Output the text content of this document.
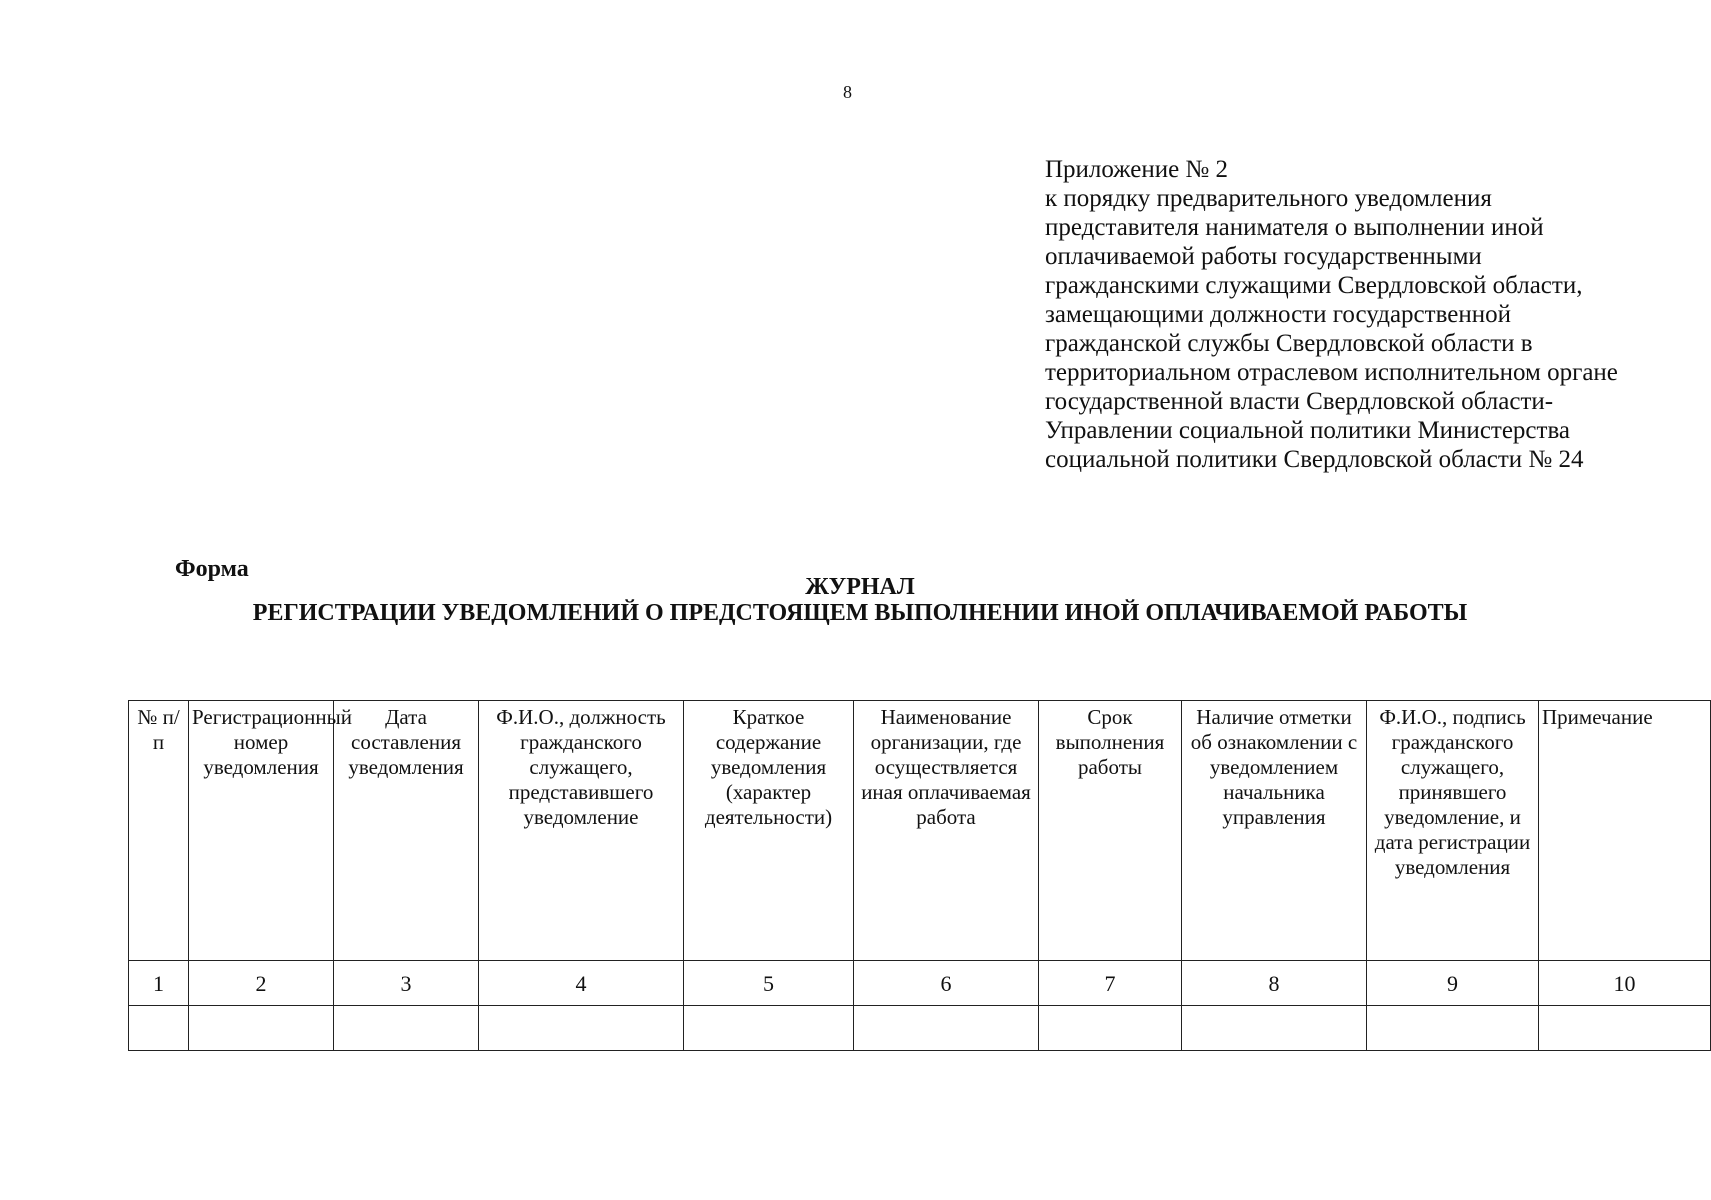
8
Приложение № 2
к порядку предварительного уведомления
представителя нанимателя о выполнении иной
оплачиваемой работы государственными
гражданскими служащими Свердловской области,
замещающими должности государственной
гражданской службы Свердловской области в
территориальном отраслевом исполнительном органе
государственной власти Свердловской области-
Управлении социальной политики Министерства
социальной политики Свердловской области № 24
Форма
ЖУРНАЛ
РЕГИСТРАЦИИ УВЕДОМЛЕНИЙ О ПРЕДСТОЯЩЕМ ВЫПОЛНЕНИИ ИНОЙ ОПЛАЧИВАЕМОЙ РАБОТЫ
№ п/п	Регистрационный номер уведомления	Дата составления уведомления	Ф.И.О., должность гражданского служащего, представившего уведомление	Краткое содержание уведомления (характер деятельности)	Наименование организации, где осуществляется иная оплачиваемая работа	Срок выполнения работы	Наличие отметки об ознакомлении с уведомлением начальника управления	Ф.И.О., подпись гражданского служащего, принявшего уведомление, и дата регистрации уведомления	Примечание
1	2	3	4	5	6	7	8	9	10
